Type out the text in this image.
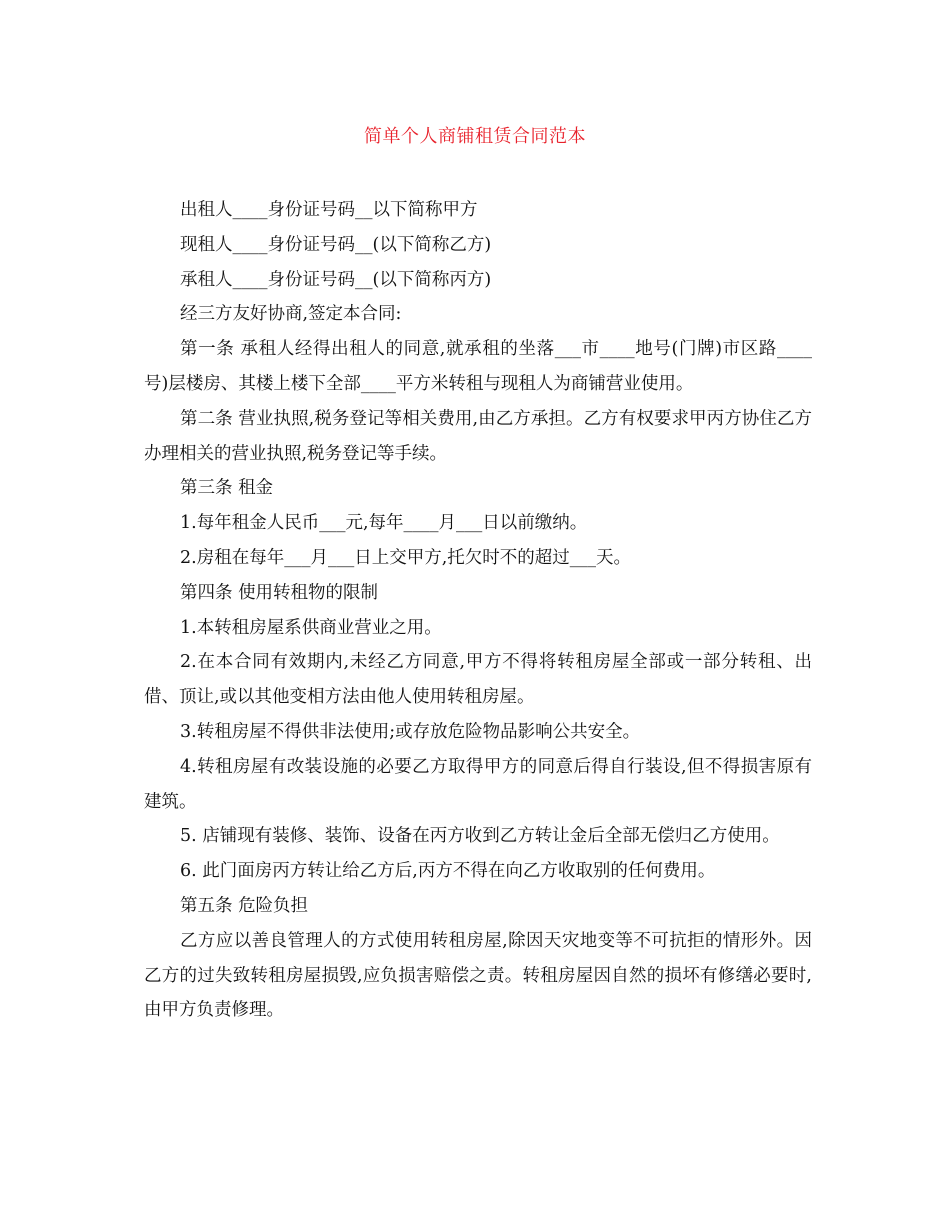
简单个人商铺租赁合同范本

出租人____身份证号码__以下简称甲方

现租人____身份证号码__(以下简称乙方)

承租人____身份证号码__(以下简称丙方)

经三方友好协商,签定本合同:

第一条 承租人经得出租人的同意,就承租的坐落___市____地号(门牌)市区路____号)层楼房、其楼上楼下全部____平方米转租与现租人为商铺营业使用。

第二条 营业执照,税务登记等相关费用,由乙方承担。乙方有权要求甲丙方协住乙方办理相关的营业执照,税务登记等手续。

第三条 租金

1.每年租金人民币___元,每年____月___日以前缴纳。

2.房租在每年___月___日上交甲方,托欠时不的超过___天。

第四条 使用转租物的限制

1.本转租房屋系供商业营业之用。

2.在本合同有效期内,未经乙方同意,甲方不得将转租房屋全部或一部分转租、出借、顶让,或以其他变相方法由他人使用转租房屋。

3.转租房屋不得供非法使用;或存放危险物品影响公共安全。

4.转租房屋有改装设施的必要乙方取得甲方的同意后得自行装设,但不得损害原有建筑。

5. 店铺现有装修、装饰、设备在丙方收到乙方转让金后全部无偿归乙方使用。

6. 此门面房丙方转让给乙方后,丙方不得在向乙方收取别的任何费用。

第五条 危险负担

乙方应以善良管理人的方式使用转租房屋,除因天灾地变等不可抗拒的情形外。因乙方的过失致转租房屋损毁,应负损害赔偿之责。转租房屋因自然的损坏有修缮必要时,由甲方负责修理。
